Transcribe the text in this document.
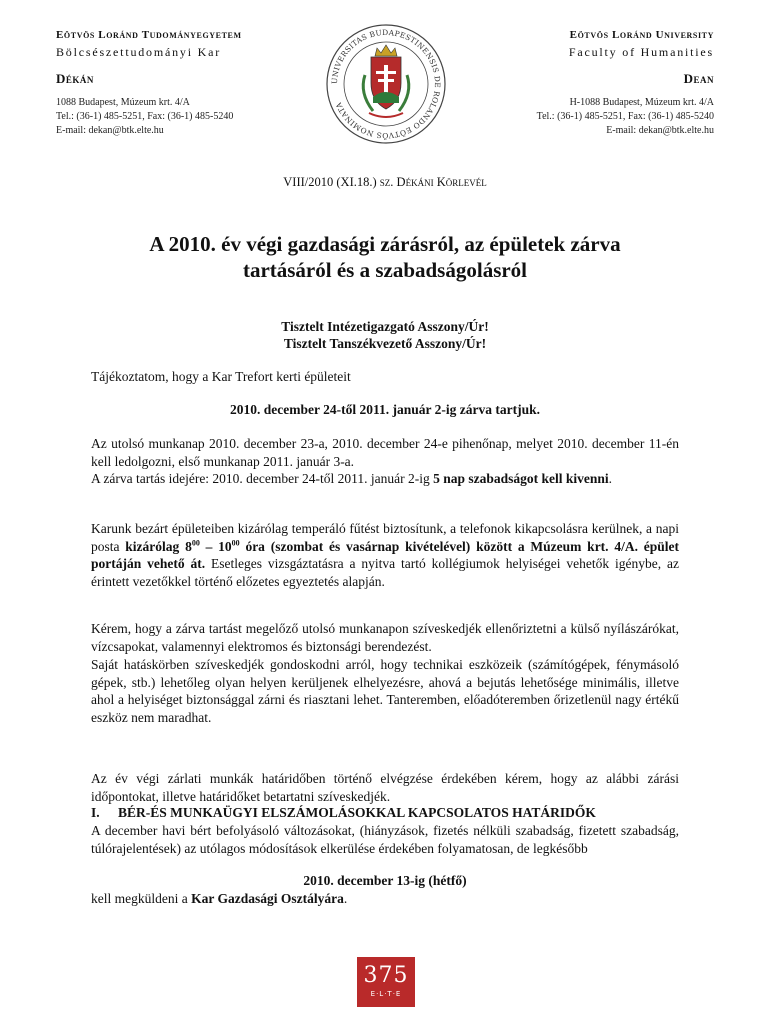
Eötvös Loránd Tudományegyetem
Bölcsészettudományi Kar
Dékán
1088 Budapest, Múzeum krt. 4/A
Tel.: (36-1) 485-5251, Fax: (36-1) 485-5240
E-mail: dekan@btk.elte.hu
Eötvös Loránd University
Faculty of Humanities
Dean
H-1088 Budapest, Múzeum krt. 4/A
Tel.: (36-1) 485-5251, Fax: (36-1) 485-5240
E-mail: dekan@btk.elte.hu
UNIVERSITAS BUDAPESTINENSIS DE ROLANDO EÖTVÖS NOMINATA
VIII/2010 (XI.18.) sz. Dékáni Körlevél
A 2010. év végi gazdasági zárásról, az épületek zárva
tartásáról és a szabadságolásról
Tisztelt Intézetigazgató Asszony/Úr!
Tisztelt Tanszékvezető Asszony/Úr!
Tájékoztatom, hogy a Kar Trefort kerti épületeit
2010. december 24-től 2011. január 2-ig zárva tartjuk.
Az utolsó munkanap 2010. december 23-a, 2010. december 24-e pihenőnap, melyet 2010. december 11-én kell ledolgozni, első munkanap 2011. január 3-a.
A zárva tartás idejére: 2010. december 24-től 2011. január 2-ig 5 nap szabadságot kell kivenni.
Karunk bezárt épületeiben kizárólag temperáló fűtést biztosítunk, a telefonok kikapcsolásra kerülnek, a napi posta kizárólag $8^{00} - 10^{00}$ óra (szombat és vasárnap kivételével) között a Múzeum krt. 4/A. épület portáján vehető át. Esetleges vizsgáztatásra a nyitva tartó kollégiumok helyiségei vehetők igénybe, az érintett vezetőkkel történő előzetes egyeztetés alapján.
Kérem, hogy a zárva tartást megelőző utolsó munkanapon szíveskedjék ellenőriztetni a külső nyílászárókat, vízcsapokat, valamennyi elektromos és biztonsági berendezést.
Saját hatáskörben szíveskedjék gondoskodni arról, hogy technikai eszközeik (számítógépek, fénymásoló gépek, stb.) lehetőleg olyan helyen kerüljenek elhelyezésre, ahová a bejutás lehetősége minimális, illetve ahol a helyiséget biztonsággal zárni és riasztani lehet. Tanteremben, előadóteremben őrizetlenül nagy értékű eszköz nem maradhat.
Az év végi zárlati munkák határidőben történő elvégzése érdekében kérem, hogy az alábbi zárási időpontokat, illetve határidőket betartatni szíveskedjék.
I. BÉR-ÉS MUNKAÜGYI ELSZÁMOLÁSOKKAL KAPCSOLATOS HATÁRIDŐK
A december havi bért befolyásoló változásokat, (hiányzások, fizetés nélküli szabadság, fizetett szabadság, túlórajelentések) az utólagos módosítások elkerülése érdekében folyamatosan, de legkésőbb
2010. december 13-ig (hétfő)
kell megküldeni a Kar Gazdasági Osztályára.
375
E·L·T·E
